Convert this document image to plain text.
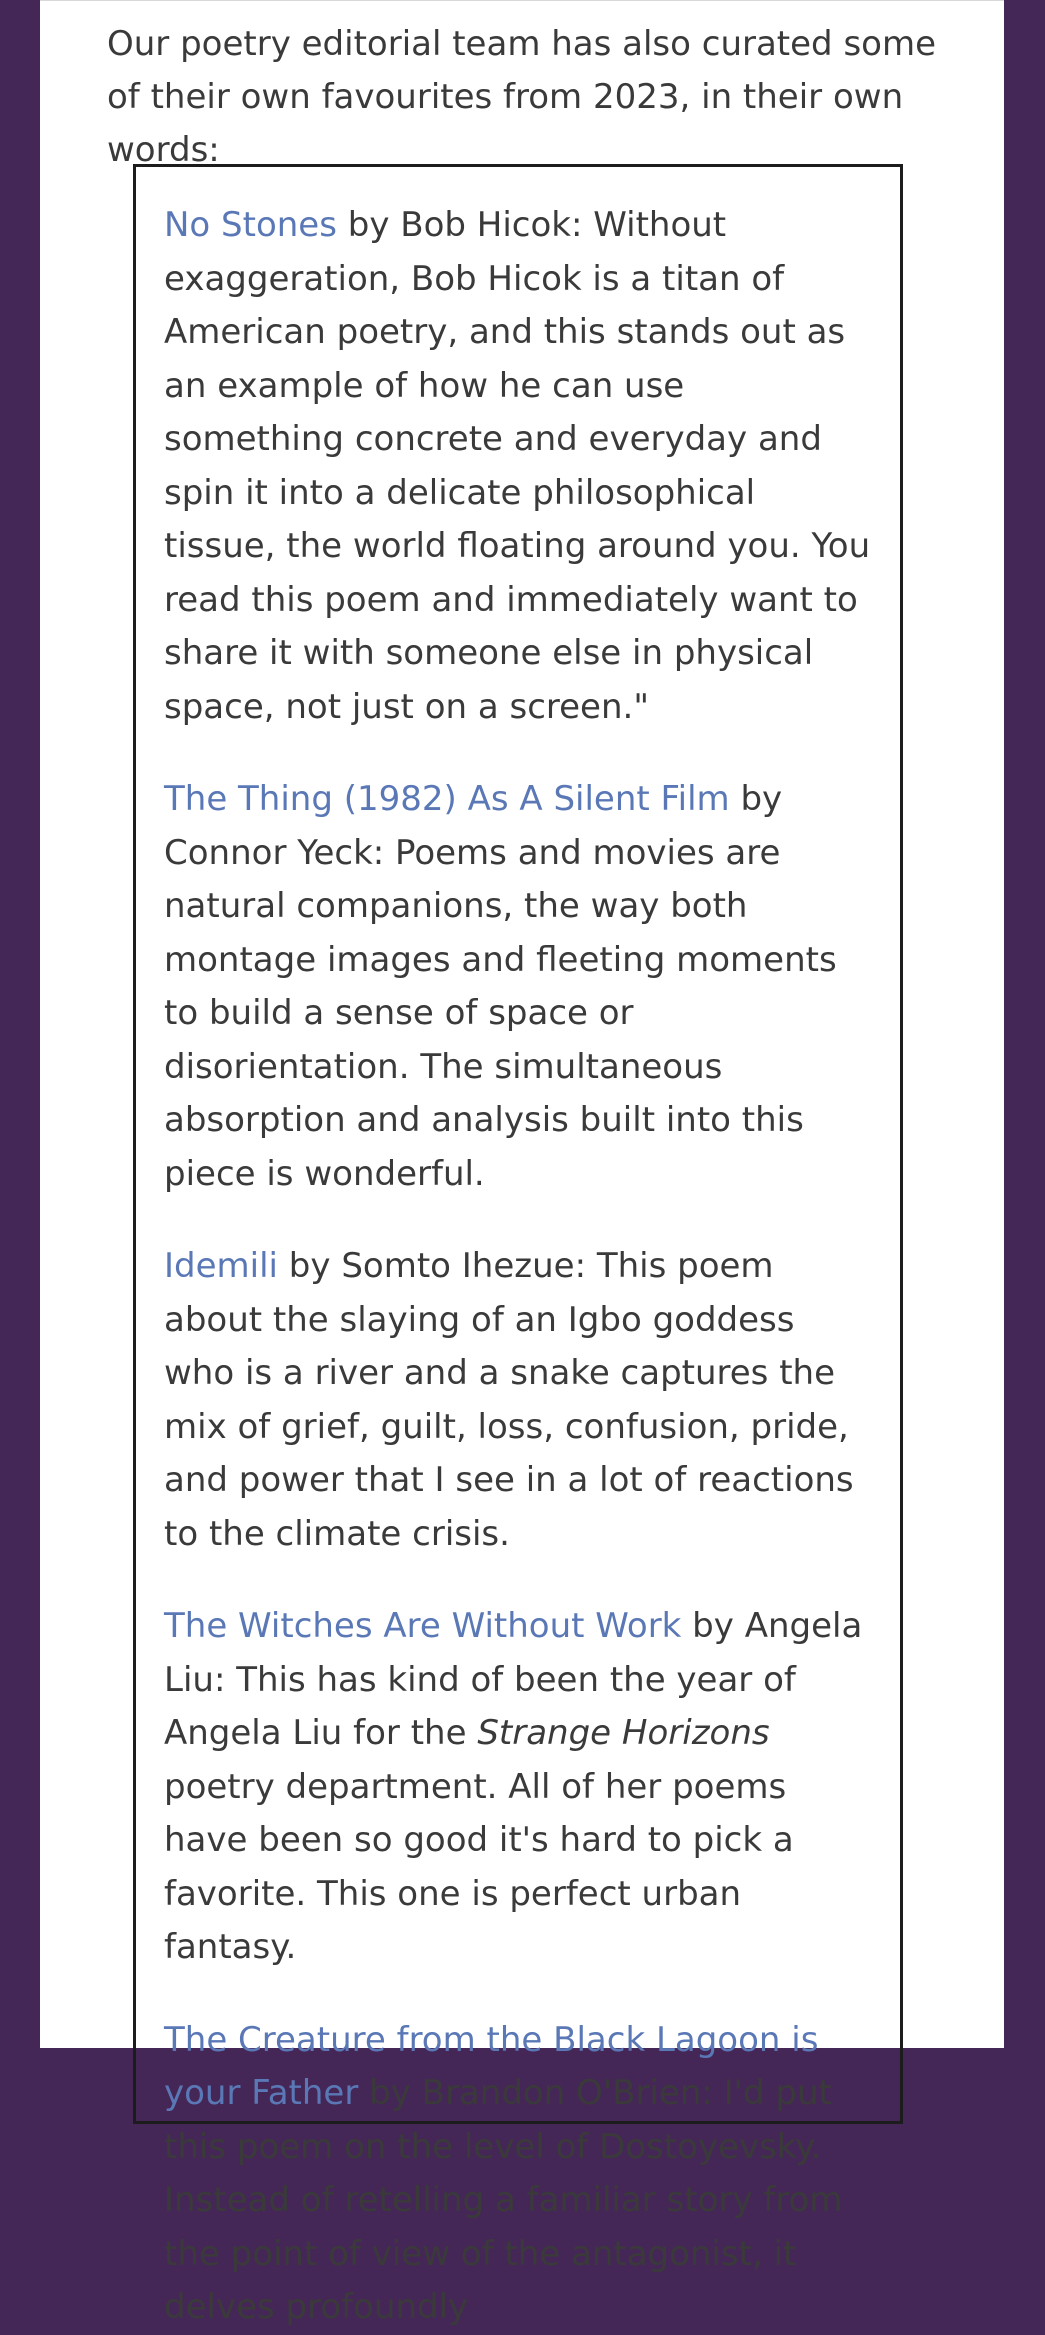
Our poetry editorial team has also curated some of their own favourites from 2023, in their own words:

No Stones by Bob Hicok: Without exaggeration, Bob Hicok is a titan of American poetry, and this stands out as an example of how he can use something concrete and everyday and spin it into a delicate philosophical tissue, the world floating around you. You read this poem and immediately want to share it with someone else in physical space, not just on a screen."

The Thing (1982) As A Silent Film by Connor Yeck: Poems and movies are natural companions, the way both montage images and fleeting moments to build a sense of space or disorientation. The simultaneous absorption and analysis built into this piece is wonderful.

Idemili by Somto Ihezue: This poem about the slaying of an Igbo goddess who is a river and a snake captures the mix of grief, guilt, loss, confusion, pride, and power that I see in a lot of reactions to the climate crisis.

The Witches Are Without Work by Angela Liu: This has kind of been the year of Angela Liu for the Strange Horizons poetry department. All of her poems have been so good it's hard to pick a favorite. This one is perfect urban fantasy.

The Creature from the Black Lagoon is your Father by Brandon O'Brien: I'd put this poem on the level of Dostoyevsky. Instead of retelling a familiar story from the point of view of the antagonist, it delves profoundly
